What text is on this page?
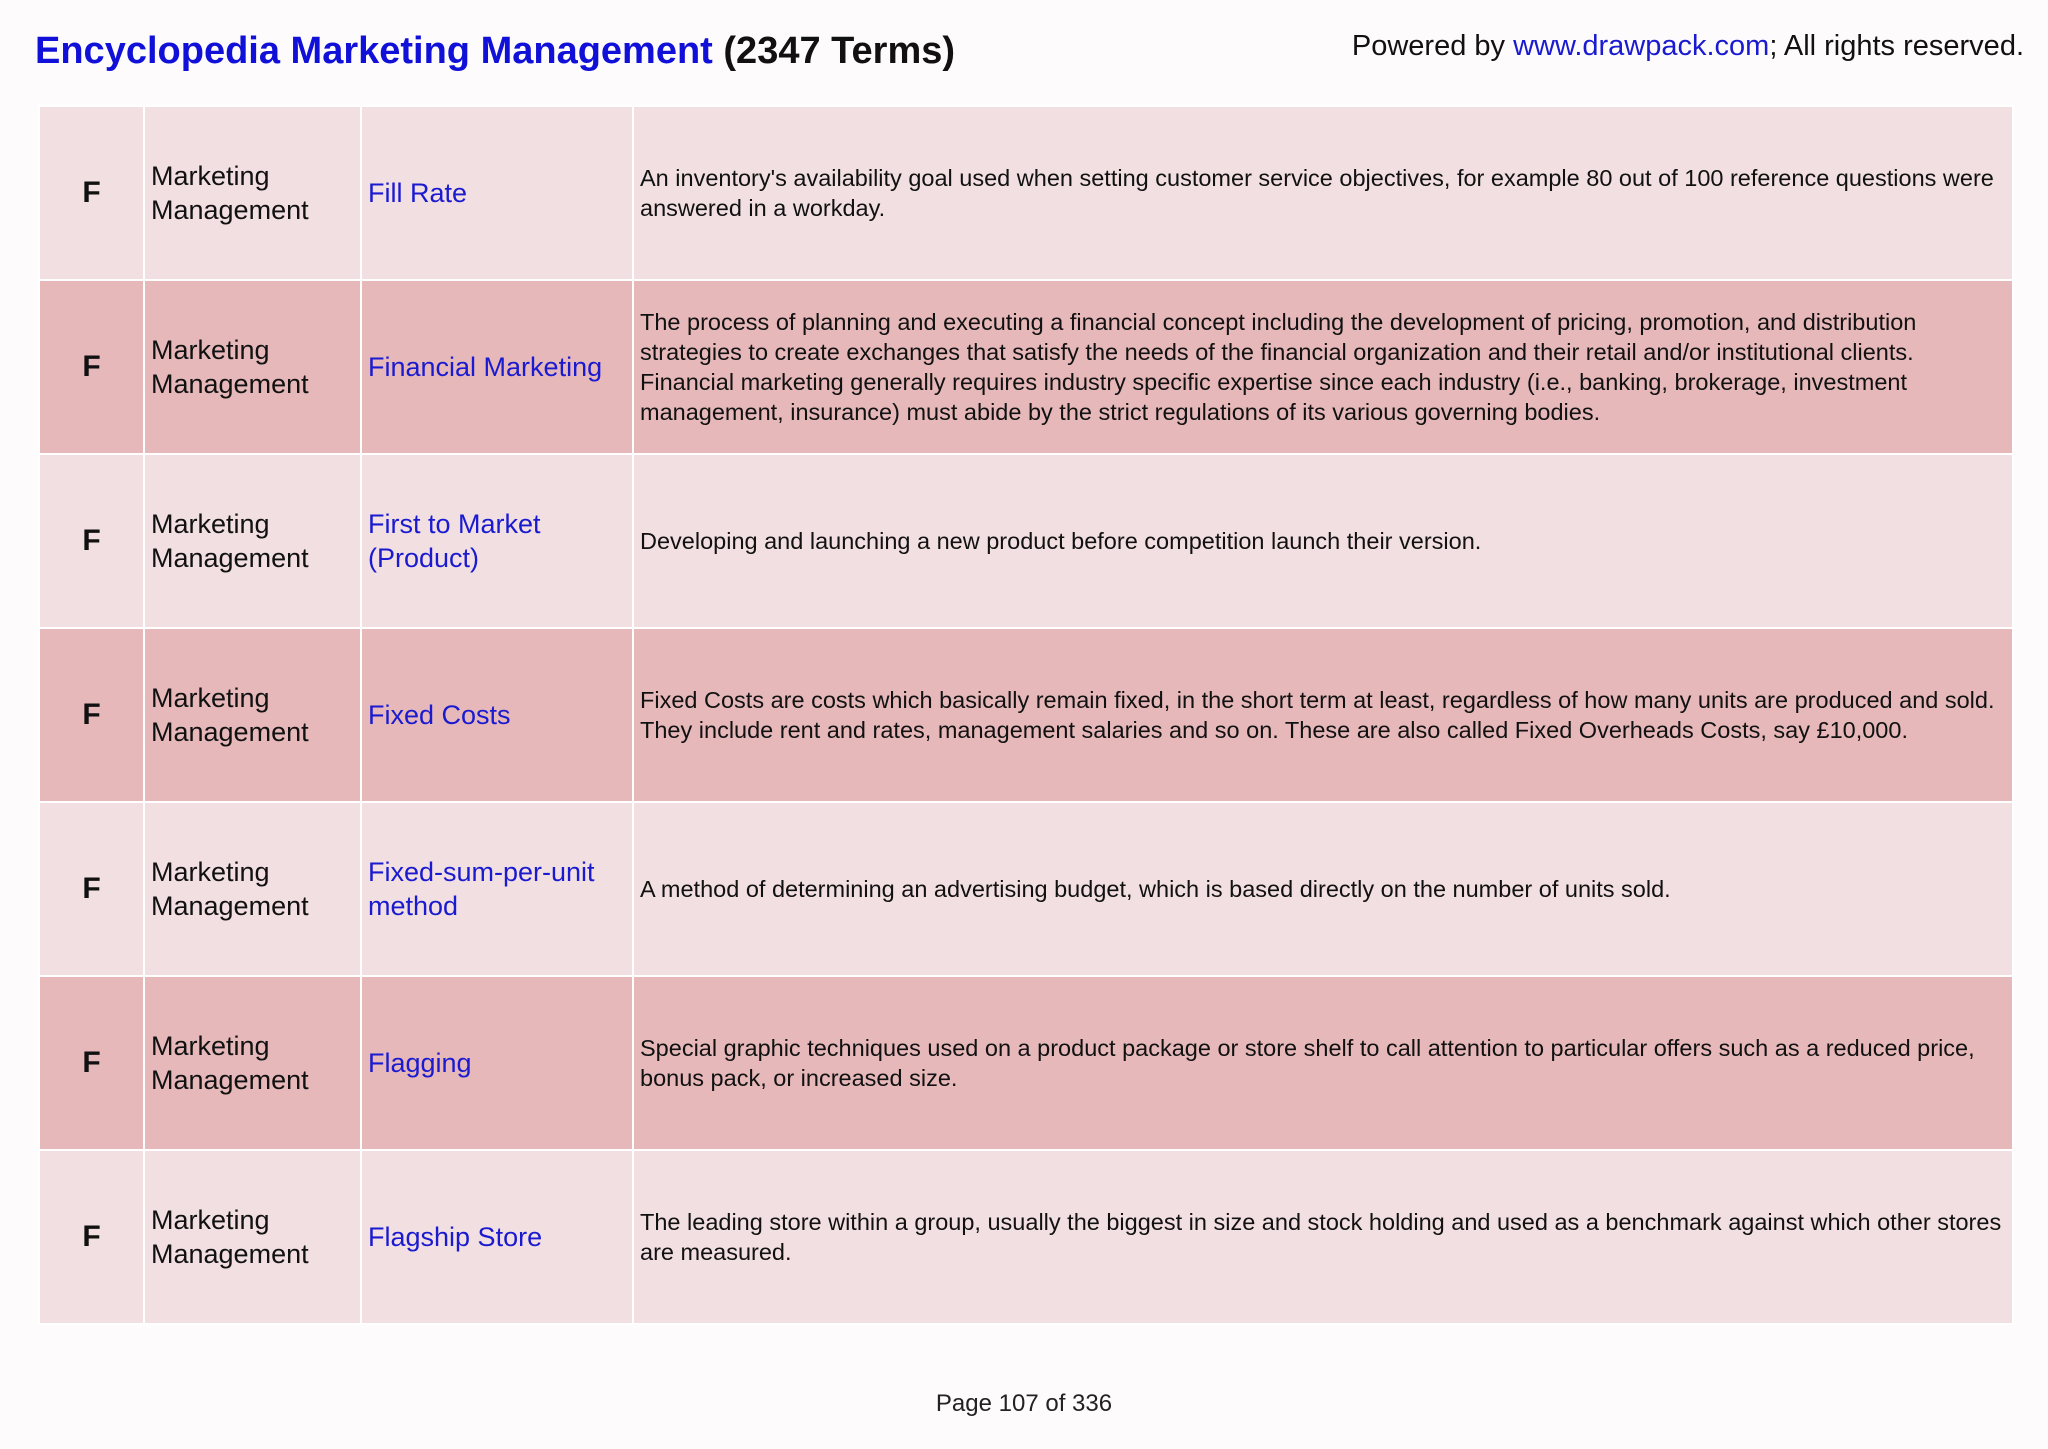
Encyclopedia Marketing Management (2347 Terms)	Powered by www.drawpack.com; All rights reserved.
F	Marketing Management	Fill Rate	An inventory's availability goal used when setting customer service objectives, for example 80 out of 100 reference questions were answered in a workday.
F	Marketing Management	Financial Marketing	The process of planning and executing a financial concept including the development of pricing, promotion, and distribution strategies to create exchanges that satisfy the needs of the financial organization and their retail and/or institutional clients. Financial marketing generally requires industry specific expertise since each industry (i.e., banking, brokerage, investment management, insurance) must abide by the strict regulations of its various governing bodies.
F	Marketing Management	First to Market (Product)	Developing and launching a new product before competition launch their version.
F	Marketing Management	Fixed Costs	Fixed Costs are costs which basically remain fixed, in the short term at least, regardless of how many units are produced and sold. They include rent and rates, management salaries and so on. These are also called Fixed Overheads Costs, say £10,000.
F	Marketing Management	Fixed-sum-per-unit method	A method of determining an advertising budget, which is based directly on the number of units sold.
F	Marketing Management	Flagging	Special graphic techniques used on a product package or store shelf to call attention to particular offers such as a reduced price, bonus pack, or increased size.
F	Marketing Management	Flagship Store	The leading store within a group, usually the biggest in size and stock holding and used as a benchmark against which other stores are measured.
Page 107 of 336
